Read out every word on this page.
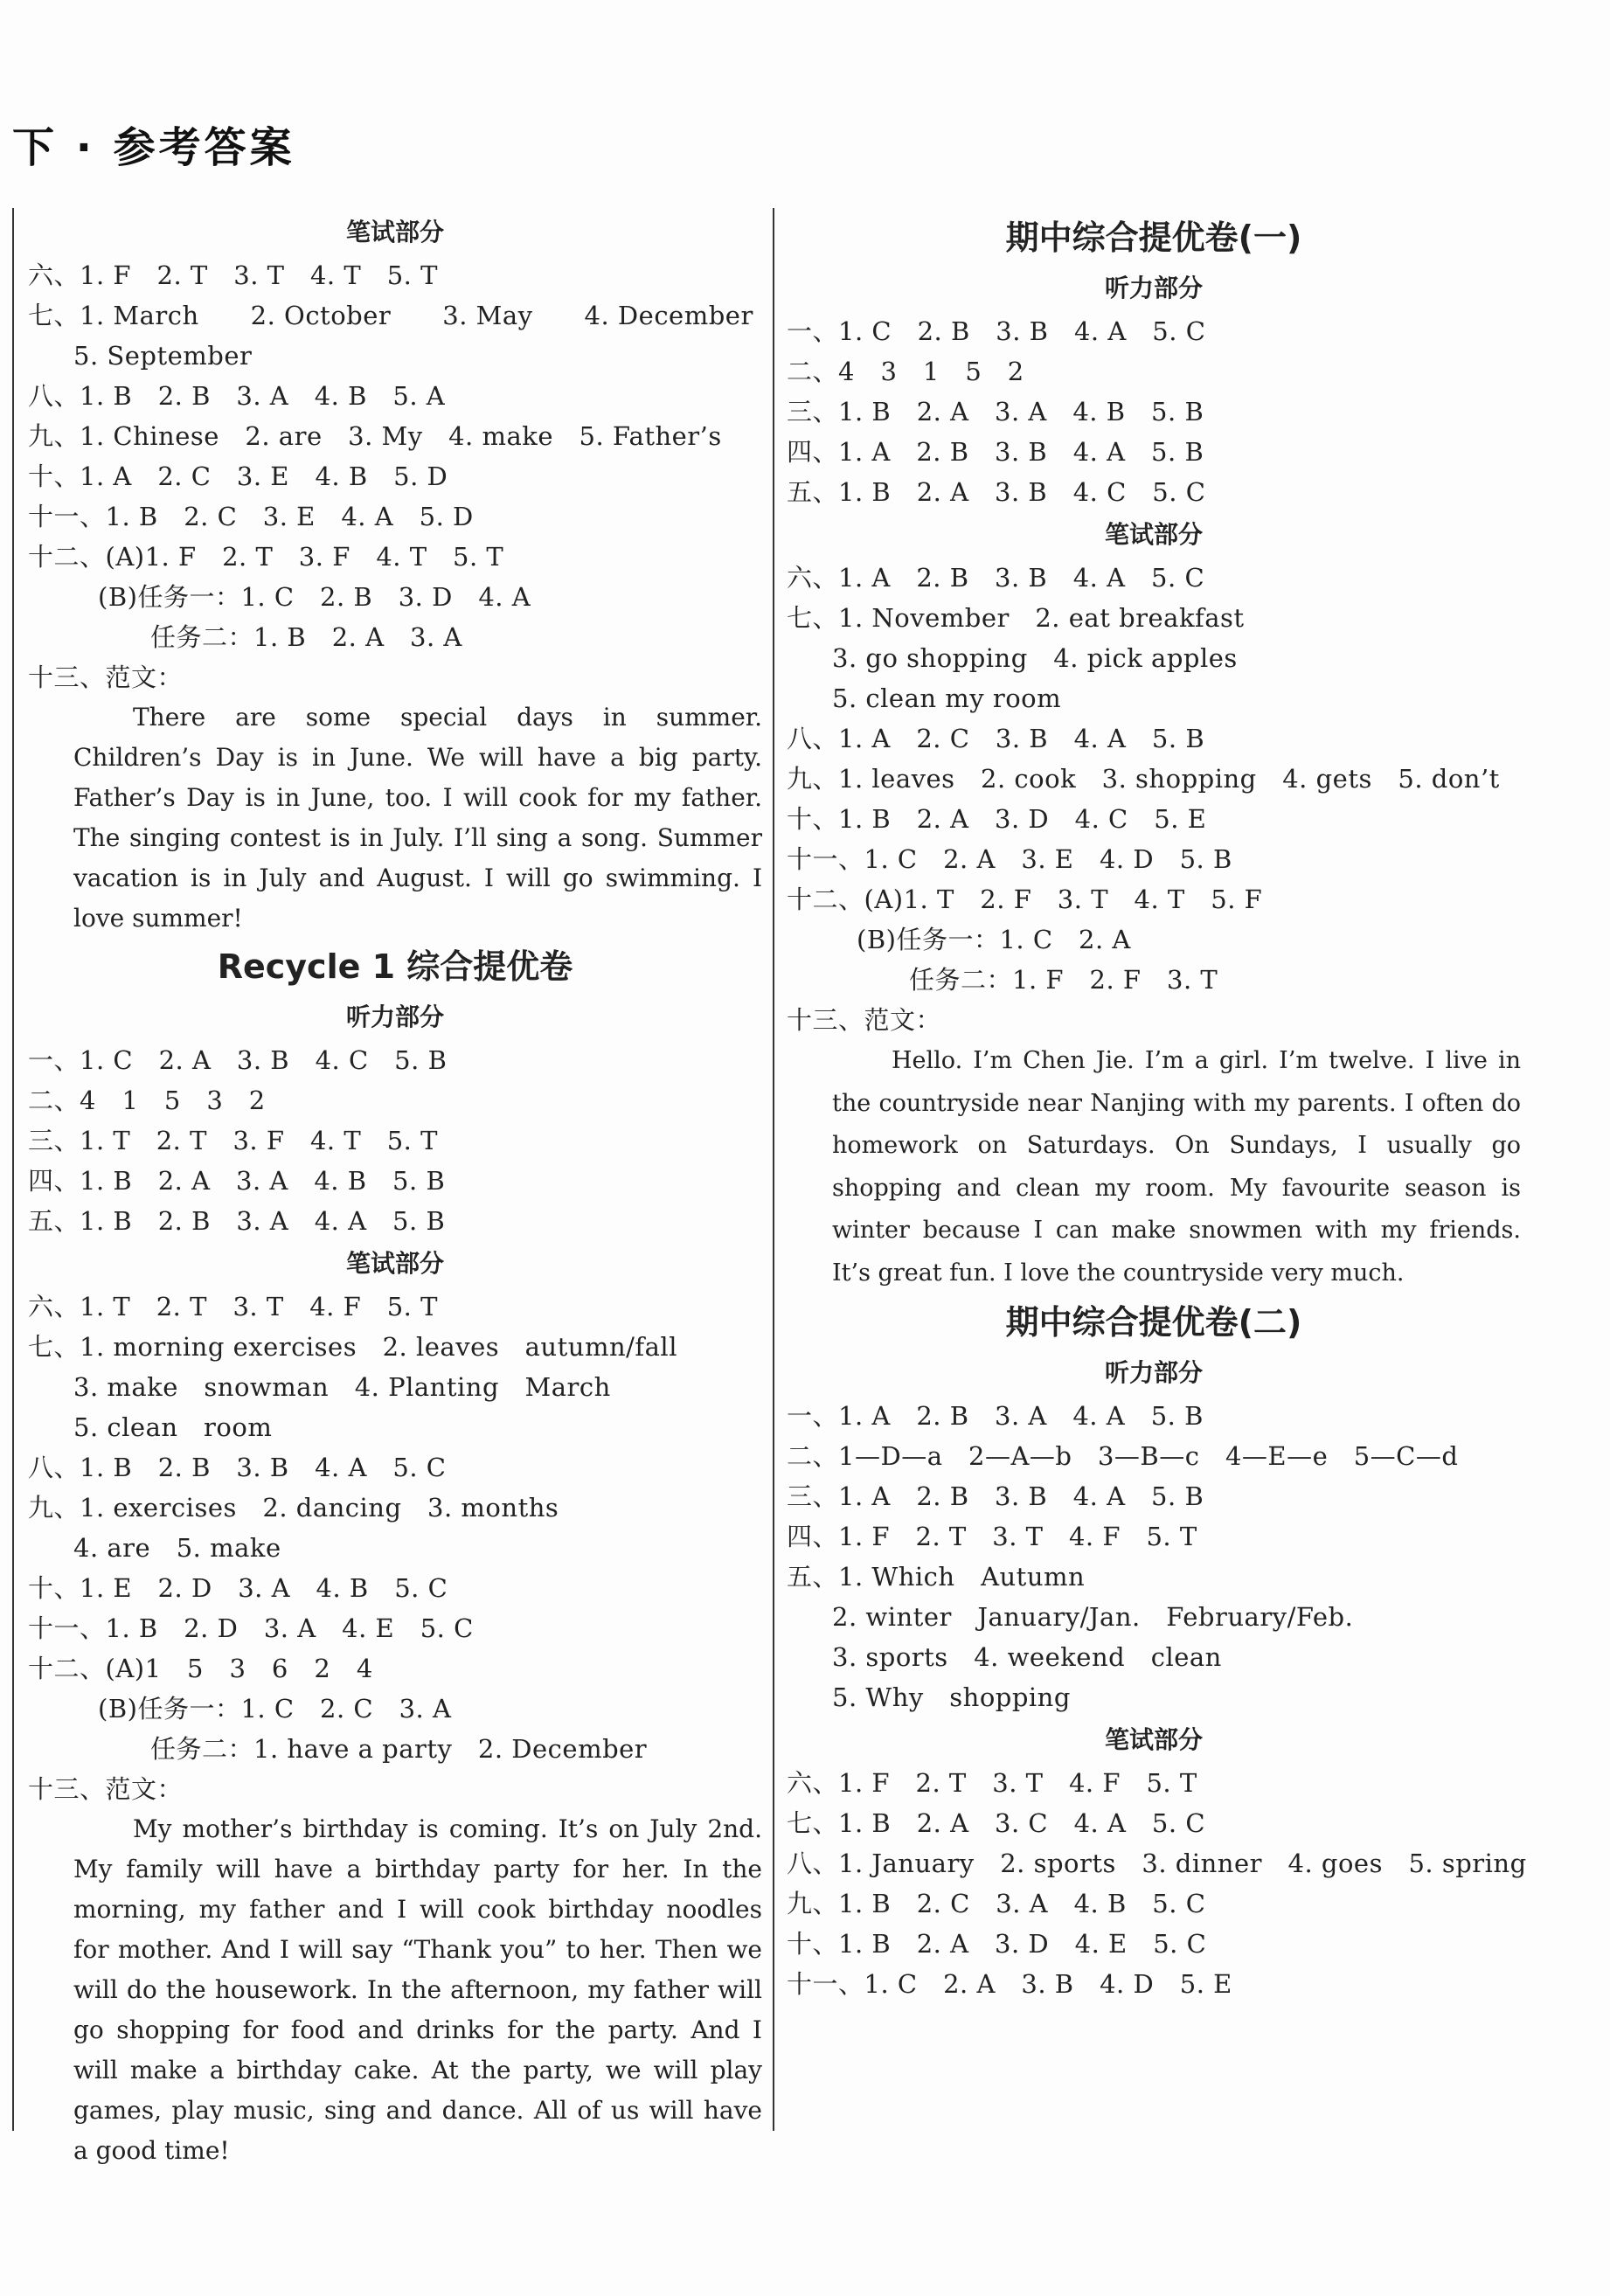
下 · 参考答案
笔试部分
六、1. F　2. T　3. T　4. T　5. T
七、1. March　　2. October　　3. May　　4. December
5. September
八、1. B　2. B　3. A　4. B　5. A
九、1. Chinese　2. are　3. My　4. make　5. Father’s
十、1. A　2. C　3. E　4. B　5. D
十一、1. B　2. C　3. E　4. A　5. D
十二、(A)1. F　2. T　3. F　4. T　5. T
(B)任务一：1. C　2. B　3. D　4. A
任务二：1. B　2. A　3. A
十三、范文：

There are some special days in summer. Children’s Day is in June. We will have a big party. Father’s Day is in June, too. I will cook for my father. The singing contest is in July. I’ll sing a song. Summer vacation is in July and August. I will go swimming. I love summer!

Recycle 1 综合提优卷
听力部分
一、1. C　2. A　3. B　4. C　5. B
二、4　1　5　3　2
三、1. T　2. T　3. F　4. T　5. T
四、1. B　2. A　3. A　4. B　5. B
五、1. B　2. B　3. A　4. A　5. B
笔试部分
六、1. T　2. T　3. T　4. F　5. T
七、1. morning exercises　2. leaves　autumn/fall
3. make　snowman　4. Planting　March
5. clean　room
八、1. B　2. B　3. B　4. A　5. C
九、1. exercises　2. dancing　3. months
4. are　5. make
十、1. E　2. D　3. A　4. B　5. C
十一、1. B　2. D　3. A　4. E　5. C
十二、(A)1　5　3　6　2　4
(B)任务一：1. C　2. C　3. A
任务二：1. have a party　2. December
十三、范文：

My mother’s birthday is coming. It’s on July 2nd. My family will have a birthday party for her. In the morning, my father and I will cook birthday noodles for mother. And I will say “Thank you” to her. Then we will do the housework. In the afternoon, my father will go shopping for food and drinks for the party. And I will make a birthday cake. At the party, we will play games, play music, sing and dance. All of us will have a good time!

期中综合提优卷(一)
听力部分
一、1. C　2. B　3. B　4. A　5. C
二、4　3　1　5　2
三、1. B　2. A　3. A　4. B　5. B
四、1. A　2. B　3. B　4. A　5. B
五、1. B　2. A　3. B　4. C　5. C
笔试部分
六、1. A　2. B　3. B　4. A　5. C
七、1. November　2. eat breakfast
3. go shopping　4. pick apples
5. clean my room
八、1. A　2. C　3. B　4. A　5. B
九、1. leaves　2. cook　3. shopping　4. gets　5. don’t
十、1. B　2. A　3. D　4. C　5. E
十一、1. C　2. A　3. E　4. D　5. B
十二、(A)1. T　2. F　3. T　4. T　5. F
(B)任务一：1. C　2. A
任务二：1. F　2. F　3. T
十三、范文：

Hello. I’m Chen Jie. I’m a girl. I’m twelve. I live in the countryside near Nanjing with my parents. I often do homework on Saturdays. On Sundays, I usually go shopping and clean my room. My favourite season is winter because I can make snowmen with my friends. It’s great fun. I love the countryside very much.

期中综合提优卷(二)
听力部分
一、1. A　2. B　3. A　4. A　5. B
二、1—D—a　2—A—b　3—B—c　4—E—e　5—C—d
三、1. A　2. B　3. B　4. A　5. B
四、1. F　2. T　3. T　4. F　5. T
五、1. Which　Autumn
2. winter　January/Jan.　February/Feb.
3. sports　4. weekend　clean
5. Why　shopping
笔试部分
六、1. F　2. T　3. T　4. F　5. T
七、1. B　2. A　3. C　4. A　5. C
八、1. January　2. sports　3. dinner　4. goes　5. spring
九、1. B　2. C　3. A　4. B　5. C
十、1. B　2. A　3. D　4. E　5. C
十一、1. C　2. A　3. B　4. D　5. E
